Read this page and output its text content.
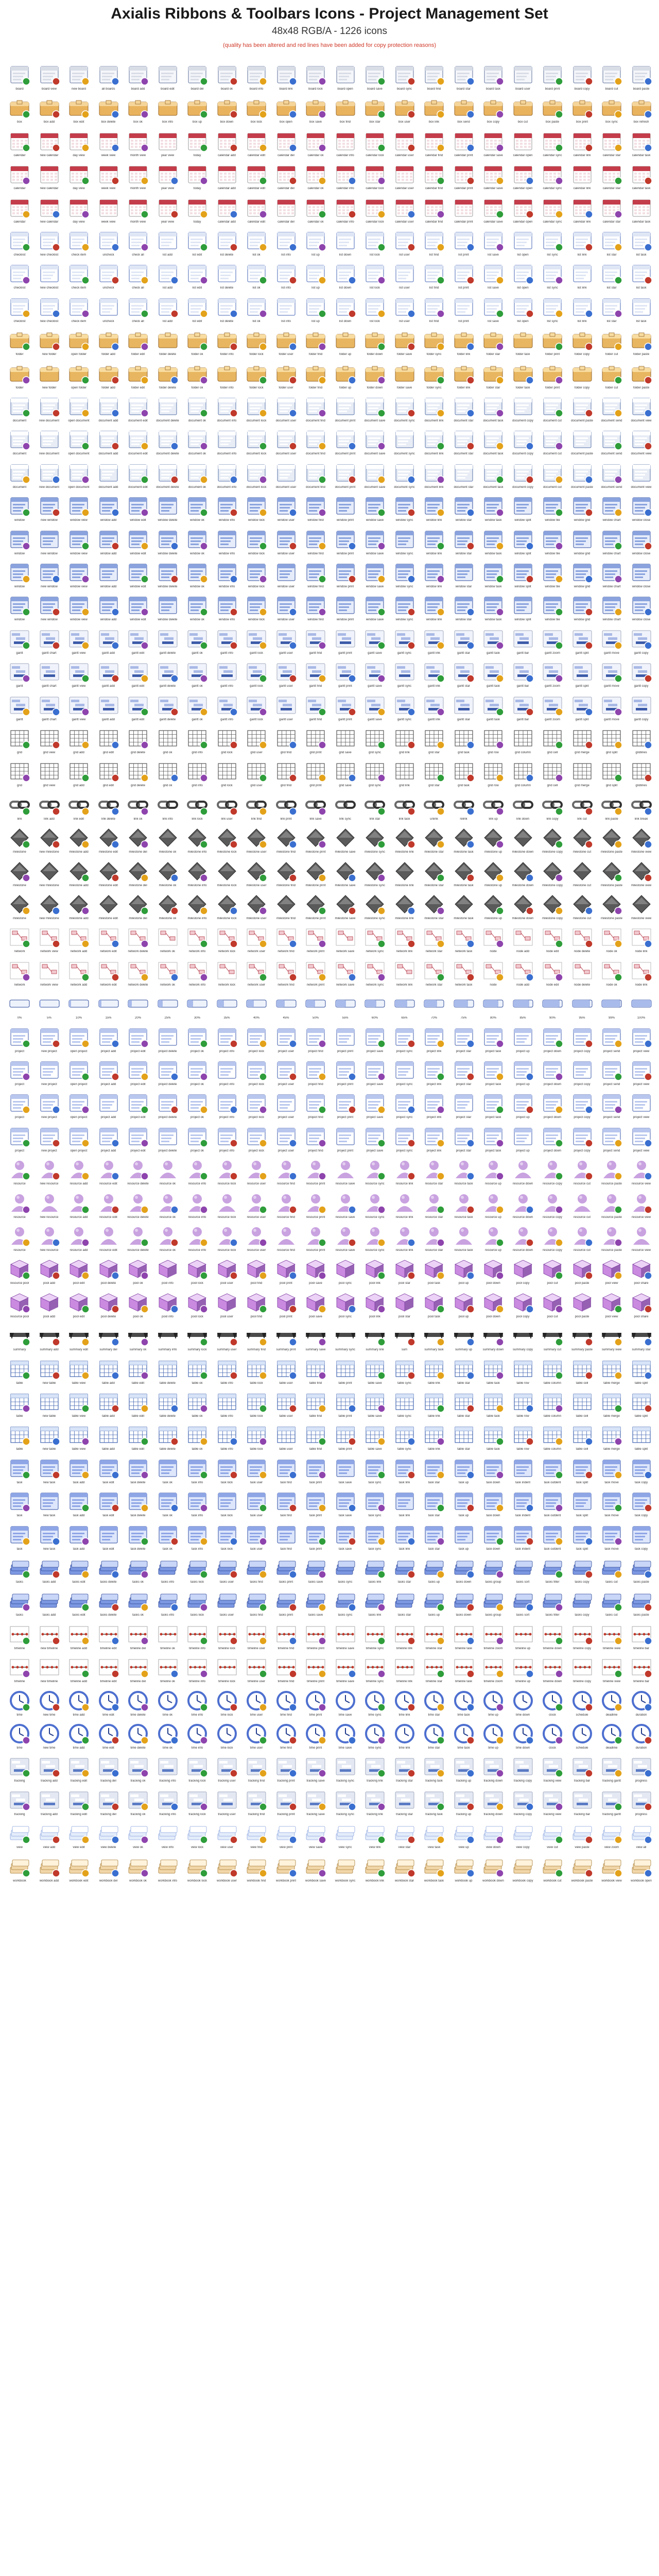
Axialis Ribbons & Toolbars Icons - Project Management Set

48x48 RGB/A - 1226 icons

(quality has been altered and red lines have been added for copy protection reasons)

board	board view	new board	all boards	board add	board edit	board del	board ok	board info	board link	board lock	board open	board save	board sync	board find	board star	board task	board user	board print	board copy	board cut	board paste
box	box add	box edit	box delete	box ok	box info	box up	box down	box lock	box open	box save	box find	box star	box user	box link	box send	box copy	box cut	box paste	box print	box sync	box refresh
calendar	new calendar	day view	week view	month view	year view	today	calendar add	calendar edit	calendar del	calendar ok	calendar info	calendar lock	calendar user	calendar find	calendar print	calendar save	calendar open	calendar sync	calendar link	calendar star	calendar task
calendar	new calendar	day view	week view	month view	year view	today	calendar add	calendar edit	calendar del	calendar ok	calendar info	calendar lock	calendar user	calendar find	calendar print	calendar save	calendar open	calendar sync	calendar link	calendar star	calendar task
calendar	new calendar	day view	week view	month view	year view	today	calendar add	calendar edit	calendar del	calendar ok	calendar info	calendar lock	calendar user	calendar find	calendar print	calendar save	calendar open	calendar sync	calendar link	calendar star	calendar task
checklist	new checklist	check item	uncheck	check all	list add	list edit	list delete	list ok	list info	list up	list down	list lock	list user	list find	list print	list save	list open	list sync	list link	list star	list task
checklist	new checklist	check item	uncheck	check all	list add	list edit	list delete	list ok	list info	list up	list down	list lock	list user	list find	list print	list save	list open	list sync	list link	list star	list task
checklist	new checklist	check item	uncheck	check all	list add	list edit	list delete	list ok	list info	list up	list down	list lock	list user	list find	list print	list save	list open	list sync	list link	list star	list task
folder	new folder	open folder	folder add	folder edit	folder delete	folder ok	folder info	folder lock	folder user	folder find	folder up	folder down	folder save	folder sync	folder link	folder star	folder task	folder print	folder copy	folder cut	folder paste
folder	new folder	open folder	folder add	folder edit	folder delete	folder ok	folder info	folder lock	folder user	folder find	folder up	folder down	folder save	folder sync	folder link	folder star	folder task	folder print	folder copy	folder cut	folder paste
document	new document	open document	document add	document edit	document delete	document ok	document info	document lock	document user	document find	document print	document save	document sync	document link	document star	document task	document copy	document cut	document paste	document send	document view
document	new document	open document	document add	document edit	document delete	document ok	document info	document lock	document user	document find	document print	document save	document sync	document link	document star	document task	document copy	document cut	document paste	document send	document view
document	new document	open document	document add	document edit	document delete	document ok	document info	document lock	document user	document find	document print	document save	document sync	document link	document star	document task	document copy	document cut	document paste	document send	document view
window	new window	window view	window add	window edit	window delete	window ok	window info	window lock	window user	window find	window print	window save	window sync	window link	window star	window task	window split	window tile	window grid	window chart	window close
window	new window	window view	window add	window edit	window delete	window ok	window info	window lock	window user	window find	window print	window save	window sync	window link	window star	window task	window split	window tile	window grid	window chart	window close
window	new window	window view	window add	window edit	window delete	window ok	window info	window lock	window user	window find	window print	window save	window sync	window link	window star	window task	window split	window tile	window grid	window chart	window close
window	new window	window view	window add	window edit	window delete	window ok	window info	window lock	window user	window find	window print	window save	window sync	window link	window star	window task	window split	window tile	window grid	window chart	window close
gantt	gantt chart	gantt view	gantt add	gantt edit	gantt delete	gantt ok	gantt info	gantt lock	gantt user	gantt find	gantt print	gantt save	gantt sync	gantt link	gantt star	gantt task	gantt bar	gantt zoom	gantt split	gantt move	gantt copy
gantt	gantt chart	gantt view	gantt add	gantt edit	gantt delete	gantt ok	gantt info	gantt lock	gantt user	gantt find	gantt print	gantt save	gantt sync	gantt link	gantt star	gantt task	gantt bar	gantt zoom	gantt split	gantt move	gantt copy
gantt	gantt chart	gantt view	gantt add	gantt edit	gantt delete	gantt ok	gantt info	gantt lock	gantt user	gantt find	gantt print	gantt save	gantt sync	gantt link	gantt star	gantt task	gantt bar	gantt zoom	gantt split	gantt move	gantt copy
grid	grid view	grid add	grid edit	grid delete	grid ok	grid info	grid lock	grid user	grid find	grid print	grid save	grid sync	grid link	grid star	grid task	grid row	grid column	grid cell	grid merge	grid split	gridlines
grid	grid view	grid add	grid edit	grid delete	grid ok	grid info	grid lock	grid user	grid find	grid print	grid save	grid sync	grid link	grid star	grid task	grid row	grid column	grid cell	grid merge	grid split	gridlines
link	link add	link edit	link delete	link ok	link info	link lock	link user	link find	link print	link save	link sync	link star	link task	unlink	relink	link up	link down	link copy	link cut	link paste	link break
milestone	new milestone	milestone add	milestone edit	milestone del	milestone ok	milestone info	milestone lock	milestone user	milestone find	milestone print	milestone save	milestone sync	milestone link	milestone star	milestone task	milestone up	milestone down	milestone copy	milestone cut	milestone paste	milestone view
milestone	new milestone	milestone add	milestone edit	milestone del	milestone ok	milestone info	milestone lock	milestone user	milestone find	milestone print	milestone save	milestone sync	milestone link	milestone star	milestone task	milestone up	milestone down	milestone copy	milestone cut	milestone paste	milestone view
milestone	new milestone	milestone add	milestone edit	milestone del	milestone ok	milestone info	milestone lock	milestone user	milestone find	milestone print	milestone save	milestone sync	milestone link	milestone star	milestone task	milestone up	milestone down	milestone copy	milestone cut	milestone paste	milestone view
network	network view	network add	network edit	network delete	network ok	network info	network lock	network user	network find	network print	network save	network sync	network link	network star	network task	node	node add	node edit	node delete	node ok	node link
network	network view	network add	network edit	network delete	network ok	network info	network lock	network user	network find	network print	network save	network sync	network link	network star	network task	node	node add	node edit	node delete	node ok	node link
0%	5%	10%	15%	20%	25%	30%	35%	40%	45%	50%	55%	60%	65%	70%	75%	80%	85%	90%	95%	99%	100%
project	new project	open project	project add	project edit	project delete	project ok	project info	project lock	project user	project find	project print	project save	project sync	project link	project star	project task	project up	project down	project copy	project send	project view
project	new project	open project	project add	project edit	project delete	project ok	project info	project lock	project user	project find	project print	project save	project sync	project link	project star	project task	project up	project down	project copy	project send	project view
project	new project	open project	project add	project edit	project delete	project ok	project info	project lock	project user	project find	project print	project save	project sync	project link	project star	project task	project up	project down	project copy	project send	project view
project	new project	open project	project add	project edit	project delete	project ok	project info	project lock	project user	project find	project print	project save	project sync	project link	project star	project task	project up	project down	project copy	project send	project view
resource	new resource	resource add	resource edit	resource delete	resource ok	resource info	resource lock	resource user	resource find	resource print	resource save	resource sync	resource link	resource star	resource task	resource up	resource down	resource copy	resource cut	resource paste	resource view
resource	new resource	resource add	resource edit	resource delete	resource ok	resource info	resource lock	resource user	resource find	resource print	resource save	resource sync	resource link	resource star	resource task	resource up	resource down	resource copy	resource cut	resource paste	resource view
resource	new resource	resource add	resource edit	resource delete	resource ok	resource info	resource lock	resource user	resource find	resource print	resource save	resource sync	resource link	resource star	resource task	resource up	resource down	resource copy	resource cut	resource paste	resource view
resource pool	pool add	pool edit	pool delete	pool ok	pool info	pool lock	pool user	pool find	pool print	pool save	pool sync	pool link	pool star	pool task	pool up	pool down	pool copy	pool cut	pool paste	pool view	pool share
resource pool	pool add	pool edit	pool delete	pool ok	pool info	pool lock	pool user	pool find	pool print	pool save	pool sync	pool link	pool star	pool task	pool up	pool down	pool copy	pool cut	pool paste	pool view	pool share
summary	summary add	summary edit	summary del	summary ok	summary info	summary lock	summary user	summary find	summary print	summary save	summary sync	summary link	sum	summary task	summary up	summary down	summary copy	summary cut	summary paste	summary view	summary star
table	new table	table view	table add	table edit	table delete	table ok	table info	table lock	table user	table find	table print	table save	table sync	table link	table star	table task	table row	table column	table cell	table merge	table split
table	new table	table view	table add	table edit	table delete	table ok	table info	table lock	table user	table find	table print	table save	table sync	table link	table star	table task	table row	table column	table cell	table merge	table split
table	new table	table view	table add	table edit	table delete	table ok	table info	table lock	table user	table find	table print	table save	table sync	table link	table star	table task	table row	table column	table cell	table merge	table split
task	new task	task add	task edit	task delete	task ok	task info	task lock	task user	task find	task print	task save	task sync	task link	task star	task up	task down	task indent	task outdent	task split	task move	task copy
task	new task	task add	task edit	task delete	task ok	task info	task lock	task user	task find	task print	task save	task sync	task link	task star	task up	task down	task indent	task outdent	task split	task move	task copy
task	new task	task add	task edit	task delete	task ok	task info	task lock	task user	task find	task print	task save	task sync	task link	task star	task up	task down	task indent	task outdent	task split	task move	task copy
tasks	tasks add	tasks edit	tasks delete	tasks ok	tasks info	tasks lock	tasks user	tasks find	tasks print	tasks save	tasks sync	tasks link	tasks star	tasks up	tasks down	tasks group	tasks sort	tasks filter	tasks copy	tasks cut	tasks paste
tasks	tasks add	tasks edit	tasks delete	tasks ok	tasks info	tasks lock	tasks user	tasks find	tasks print	tasks save	tasks sync	tasks link	tasks star	tasks up	tasks down	tasks group	tasks sort	tasks filter	tasks copy	tasks cut	tasks paste
timeline	new timeline	timeline add	timeline edit	timeline del	timeline ok	timeline info	timeline lock	timeline user	timeline find	timeline print	timeline save	timeline sync	timeline link	timeline star	timeline task	timeline zoom	timeline up	timeline down	timeline copy	timeline view	timeline bar
timeline	new timeline	timeline add	timeline edit	timeline del	timeline ok	timeline info	timeline lock	timeline user	timeline find	timeline print	timeline save	timeline sync	timeline link	timeline star	timeline task	timeline zoom	timeline up	timeline down	timeline copy	timeline view	timeline bar
time	new time	time add	time edit	time delete	time ok	time info	time lock	time user	time find	time print	time save	time sync	time link	time star	time task	time up	time down	clock	schedule	deadline	duration
time	new time	time add	time edit	time delete	time ok	time info	time lock	time user	time find	time print	time save	time sync	time link	time star	time task	time up	time down	clock	schedule	deadline	duration
tracking	tracking add	tracking edit	tracking del	tracking ok	tracking info	tracking lock	tracking user	tracking find	tracking print	tracking save	tracking sync	tracking link	tracking star	tracking task	tracking up	tracking down	tracking copy	tracking view	tracking bar	tracking gantt	progress
tracking	tracking add	tracking edit	tracking del	tracking ok	tracking info	tracking lock	tracking user	tracking find	tracking print	tracking save	tracking sync	tracking link	tracking star	tracking task	tracking up	tracking down	tracking copy	tracking view	tracking bar	tracking gantt	progress
view	view add	view edit	view delete	view ok	view info	view lock	view user	view find	view print	view save	view sync	view link	view star	view task	view up	view down	view copy	view cut	view paste	view zoom	view all
workbook	workbook add	workbook edit	workbook del	workbook ok	workbook info	workbook lock	workbook user	workbook find	workbook print	workbook save	workbook sync	workbook link	workbook star	workbook task	workbook up	workbook down	workbook copy	workbook cut	workbook paste	workbook view	workbook open
